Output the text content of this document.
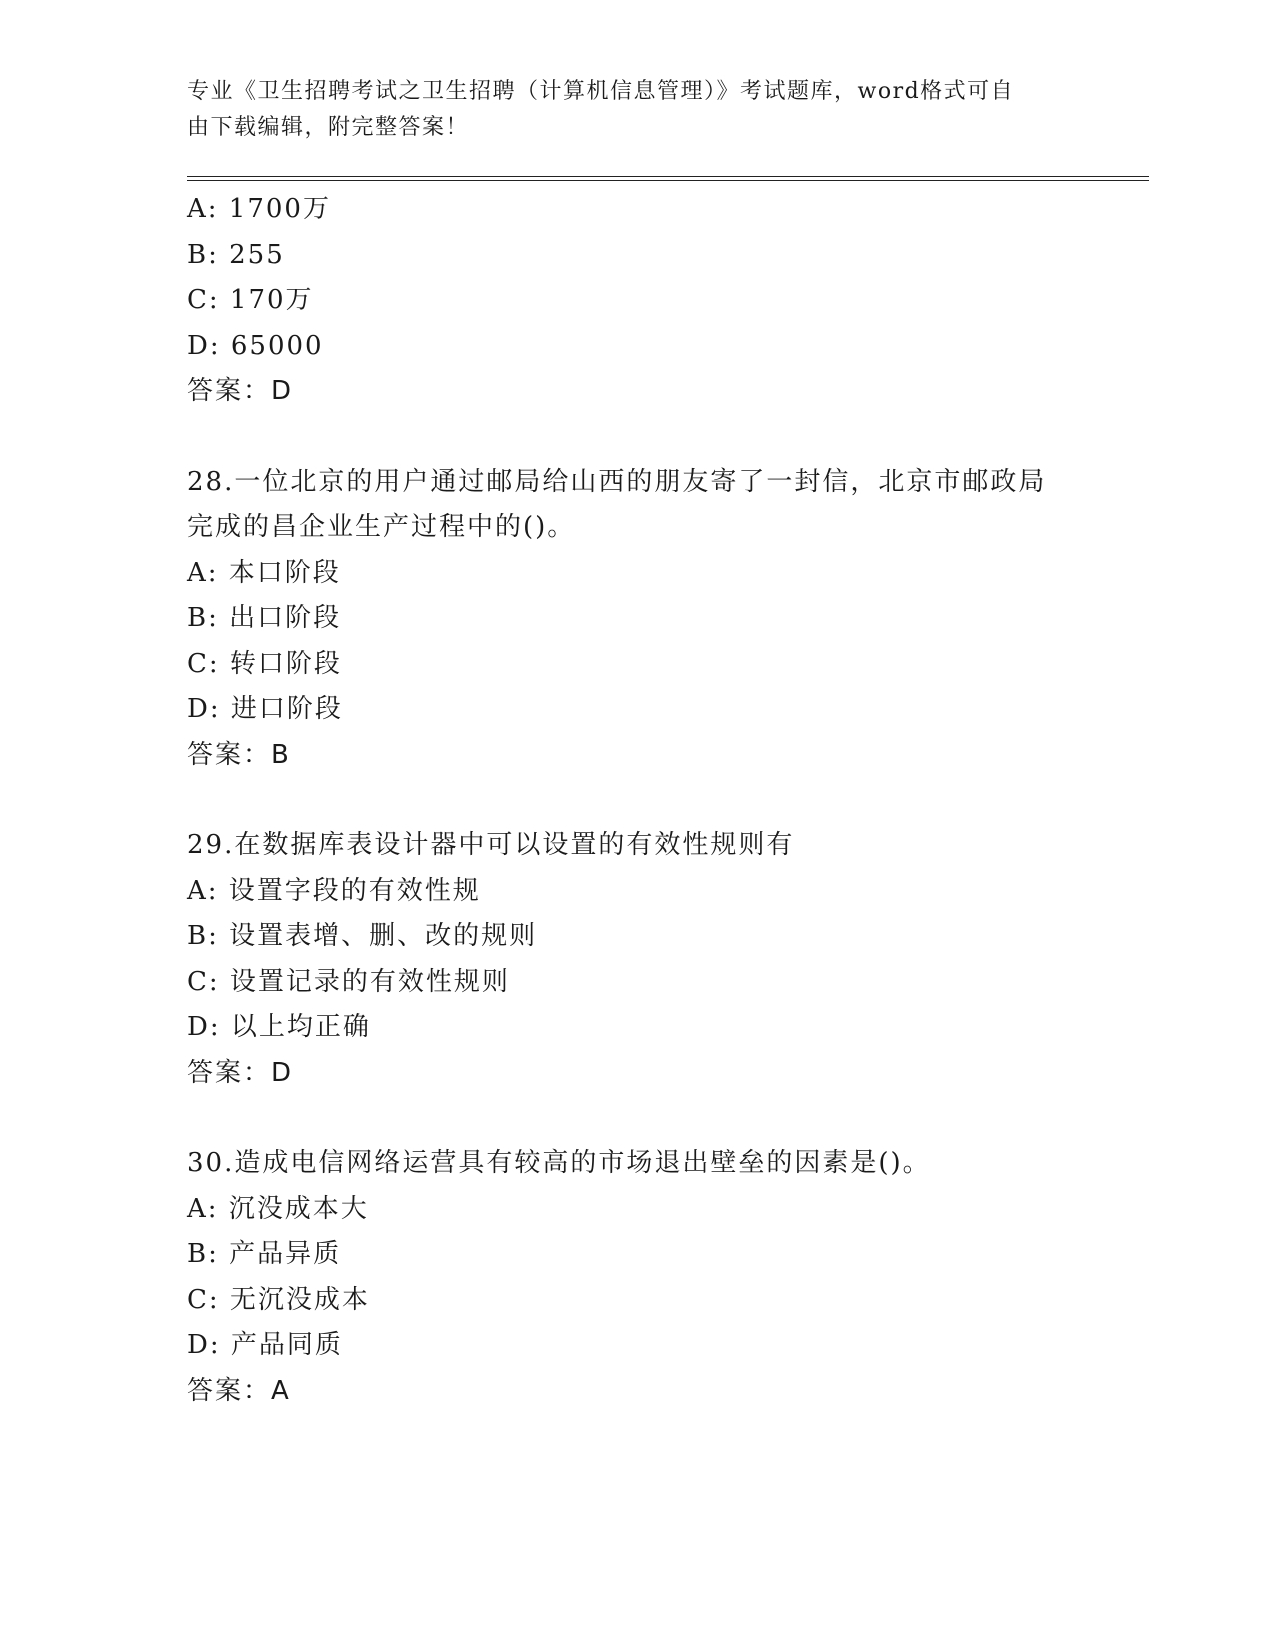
专业《卫生招聘考试之卫生招聘（计算机信息管理）》考试题库，word格式可自
由下载编辑，附完整答案！
A: 1700万
B: 255
C: 170万
D: 65000
答案：D
28.一位北京的用户通过邮局给山西的朋友寄了一封信，北京市邮政局
完成的昌企业生产过程中的()。
A: 本口阶段
B: 出口阶段
C: 转口阶段
D: 进口阶段
答案：B
29.在数据库表设计器中可以设置的有效性规则有
A: 设置字段的有效性规
B: 设置表增、删、改的规则
C: 设置记录的有效性规则
D: 以上均正确
答案：D
30.造成电信网络运营具有较高的市场退出壁垒的因素是()。
A: 沉没成本大
B: 产品异质
C: 无沉没成本
D: 产品同质
答案：A
